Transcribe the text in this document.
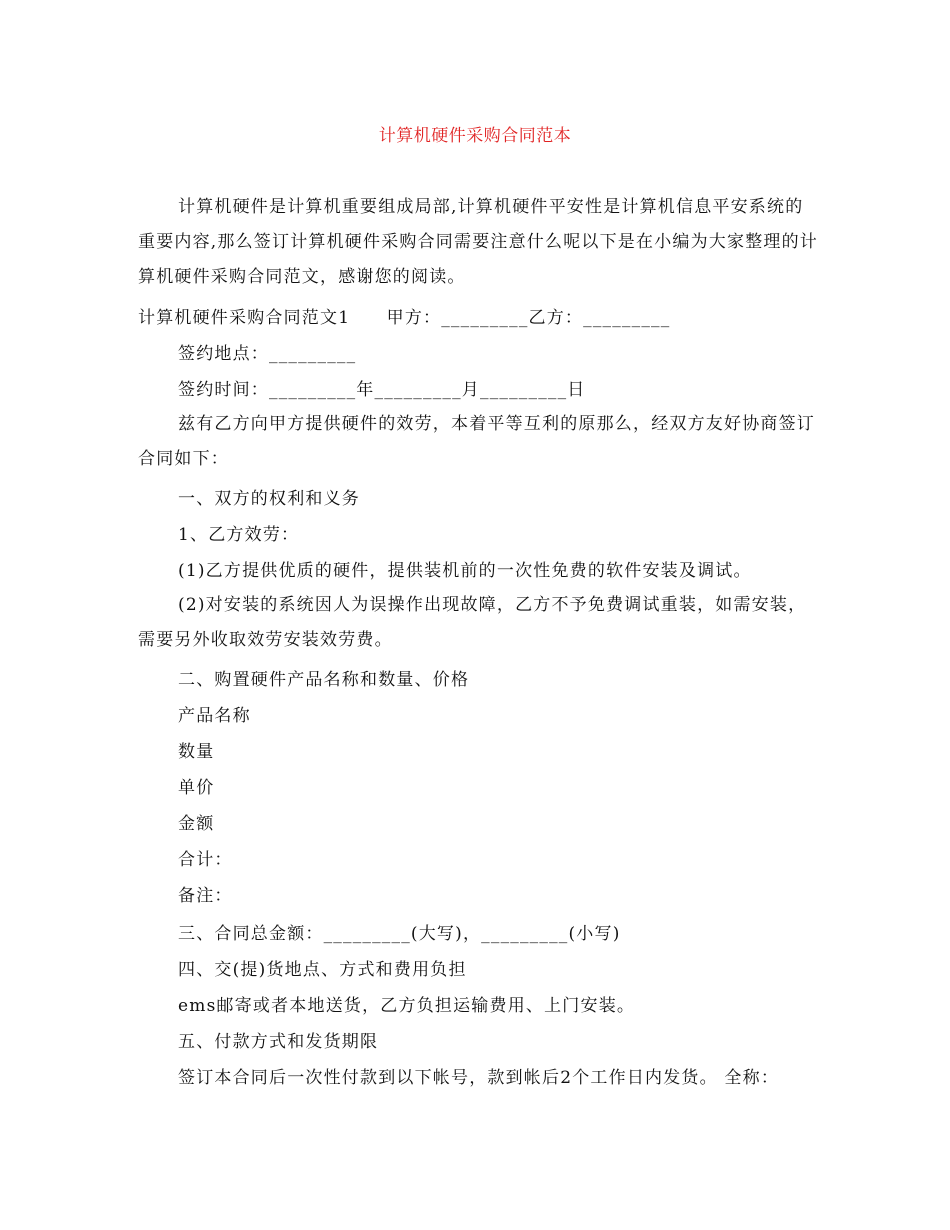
计算机硬件采购合同范本
计算机硬件是计算机重要组成局部,计算机硬件平安性是计算机信息平安系统的重要内容,那么签订计算机硬件采购合同需要注意什么呢以下是在小编为大家整理的计算机硬件采购合同范文，感谢您的阅读。
计算机硬件采购合同范文1　　甲方：_________乙方：_________
签约地点：_________
签约时间：_________年_________月_________日
兹有乙方向甲方提供硬件的效劳，本着平等互利的原那么，经双方友好协商签订合同如下：
一、双方的权利和义务
1、乙方效劳：
(1)乙方提供优质的硬件，提供装机前的一次性免费的软件安装及调试。
(2)对安装的系统因人为误操作出现故障，乙方不予免费调试重装，如需安装，需要另外收取效劳安装效劳费。
二、购置硬件产品名称和数量、价格
产品名称
数量
单价
金额
合计：
备注：
三、合同总金额：_________(大写)，_________(小写)
四、交(提)货地点、方式和费用负担
ems邮寄或者本地送货，乙方负担运输费用、上门安装。
五、付款方式和发货期限
签订本合同后一次性付款到以下帐号，款到帐后2个工作日内发货。 全称：
